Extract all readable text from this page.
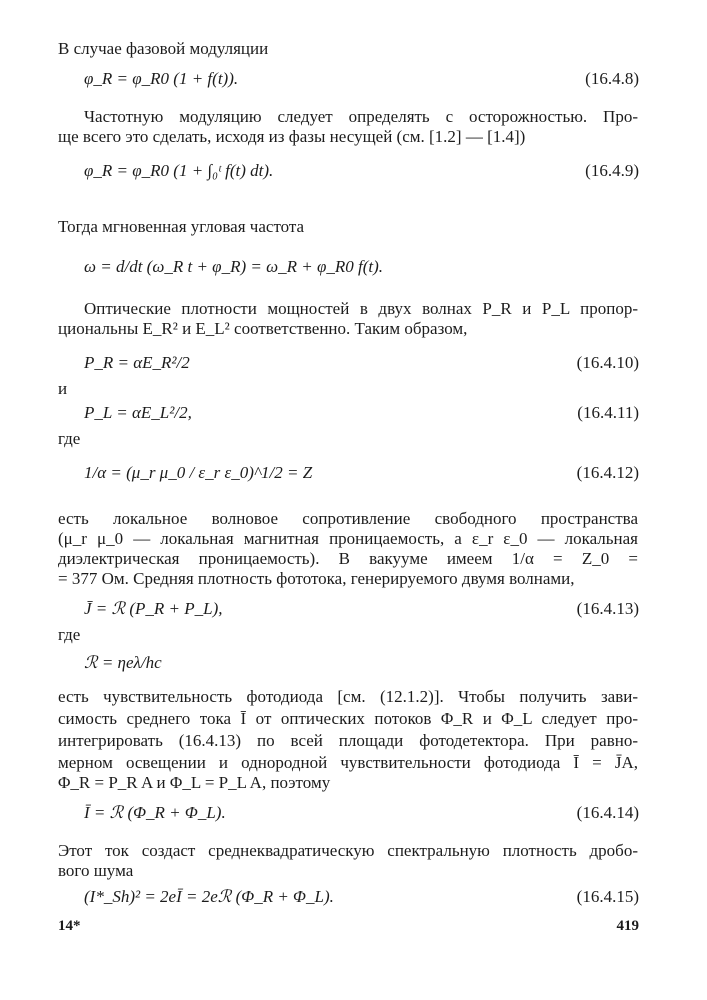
В случае фазовой модуляции
φ_R = φ_R0 (1 + f(t)).	(16.4.8)
Частотную модуляцию следует определять с осторожностью. Про-
ще всего это сделать, исходя из фазы несущей (см. [1.2] — [1.4])
φ_R = φ_R0 (1 + ∫₀ᵗ f(t) dt).	(16.4.9)
Тогда мгновенная угловая частота
ω = d/dt (ω_R t + φ_R) = ω_R + φ_R0 f(t).
Оптические плотности мощностей в двух волнах P_R и P_L пропор-
циональны E_R² и E_L² соответственно. Таким образом,
P_R = αE_R²/2	(16.4.10)
и
P_L = αE_L²/2,	(16.4.11)
где
1/α = (μ_r μ_0 / ε_r ε_0)^1/2 = Z	(16.4.12)
есть локальное волновое сопротивление свободного пространства
(μ_r μ_0 — локальная магнитная проницаемость, а ε_r ε_0 — локальная
диэлектрическая проницаемость). В вакууме имеем 1/α = Z_0 =
= 377 Ом. Средняя плотность фототока, генерируемого двумя волнами,
J̄ = ℛ (P_R + P_L),	(16.4.13)
где
ℛ = ηeλ/hc
есть чувствительность фотодиода [см. (12.1.2)]. Чтобы получить зави-
симость среднего тока Ī от оптических потоков Φ_R и Φ_L следует про-
интегрировать (16.4.13) по всей площади фотодетектора. При равно-
мерном освещении и однородной чувствительности фотодиода Ī = J̄A,
Φ_R = P_R A и Φ_L = P_L A, поэтому
Ī = ℛ (Φ_R + Φ_L).	(16.4.14)
Этот ток создаст среднеквадратическую спектральную плотность дробо-
вого шума
(I*_Sh)² = 2eĪ = 2eℛ (Φ_R + Φ_L).	(16.4.15)
14*	419
